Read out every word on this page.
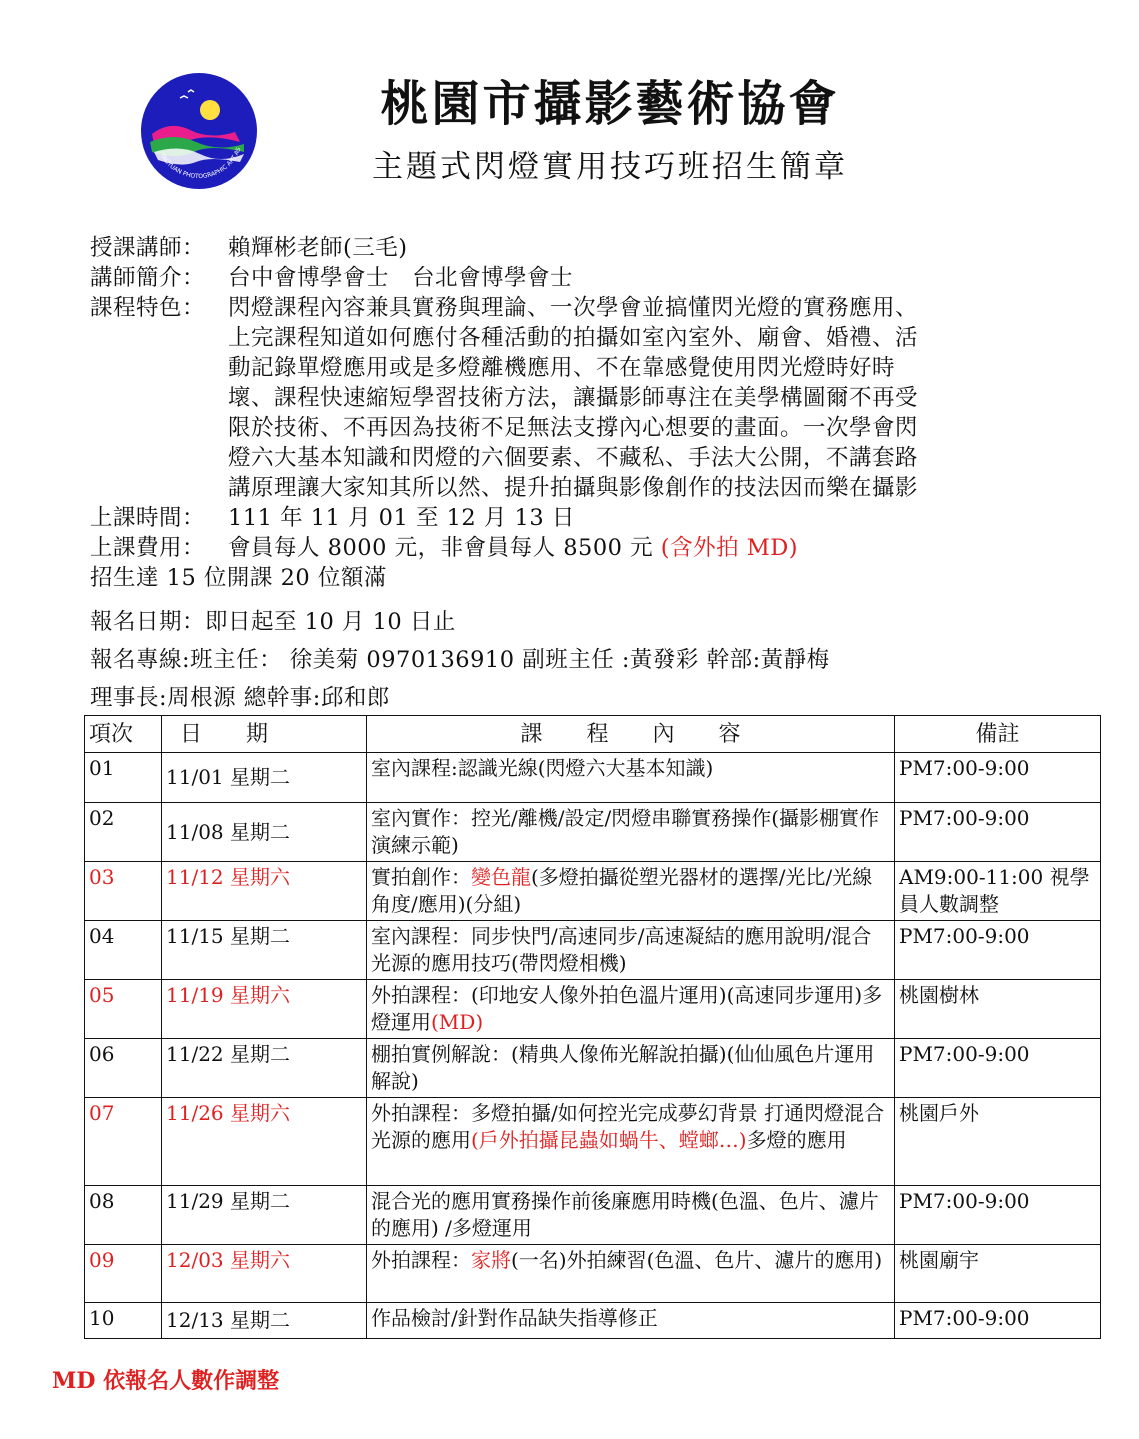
TAOYUAN PHOTOGRAPHIC ART AS
桃園市攝影藝術協會
主題式閃燈實用技巧班招生簡章
授課講師：	賴輝彬老師(三毛)
講師簡介：	台中會博學會士　台北會博學會士
課程特色：	閃燈課程內容兼具實務與理論、一次學會並搞懂閃光燈的實務應用、
上完課程知道如何應付各種活動的拍攝如室內室外、廟會、婚禮、活
動記錄單燈應用或是多燈離機應用、不在靠感覺使用閃光燈時好時
壞、課程快速縮短學習技術方法，讓攝影師專注在美學構圖爾不再受
限於技術、不再因為技術不足無法支撐內心想要的畫面。一次學會閃
燈六大基本知識和閃燈的六個要素、不藏私、手法大公開，不講套路
講原理讓大家知其所以然、提升拍攝與影像創作的技法因而樂在攝影
上課時間：	111 年 11 月 01 至 12 月 13 日
上課費用：	會員每人 8000 元，非會員每人 8500 元 (含外拍 MD)
招生達 15 位開課 20 位額滿
報名日期：即日起至 10 月 10 日止
報名專線:班主任： 徐美菊 0970136910 副班主任 :黃發彩 幹部:黃靜梅
理事長:周根源 總幹事:邱和郎
項次	日　　期	課　　程　　內　　容	備註
01	11/01 星期二	室內課程:認識光線(閃燈六大基本知識)	PM7:00-9:00
02	11/08 星期二	室內實作：控光/離機/設定/閃燈串聯實務操作(攝影棚實作演練示範)	PM7:00-9:00
03	11/12 星期六	實拍創作：變色龍(多燈拍攝從塑光器材的選擇/光比/光線角度/應用)(分組)	AM9:00-11:00 視學員人數調整
04	11/15 星期二	室內課程：同步快門/高速同步/高速凝結的應用說明/混合光源的應用技巧(帶閃燈相機)	PM7:00-9:00
05	11/19 星期六	外拍課程：(印地安人像外拍色溫片運用)(高速同步運用)多燈運用(MD)	桃園樹林
06	11/22 星期二	棚拍實例解說：(精典人像佈光解說拍攝)(仙仙風色片運用解說)	PM7:00-9:00
07	11/26 星期六	外拍課程：多燈拍攝/如何控光完成夢幻背景 打通閃燈混合光源的應用(戶外拍攝昆蟲如蝸牛、螳螂…)多燈的應用	桃園戶外
08	11/29 星期二	混合光的應用實務操作前後廉應用時機(色溫、色片、濾片的應用) /多燈運用	PM7:00-9:00
09	12/03 星期六	外拍課程：家將(一名)外拍練習(色溫、色片、濾片的應用)	桃園廟宇
10	12/13 星期二	作品檢討/針對作品缺失指導修正	PM7:00-9:00
MD 依報名人數作調整
